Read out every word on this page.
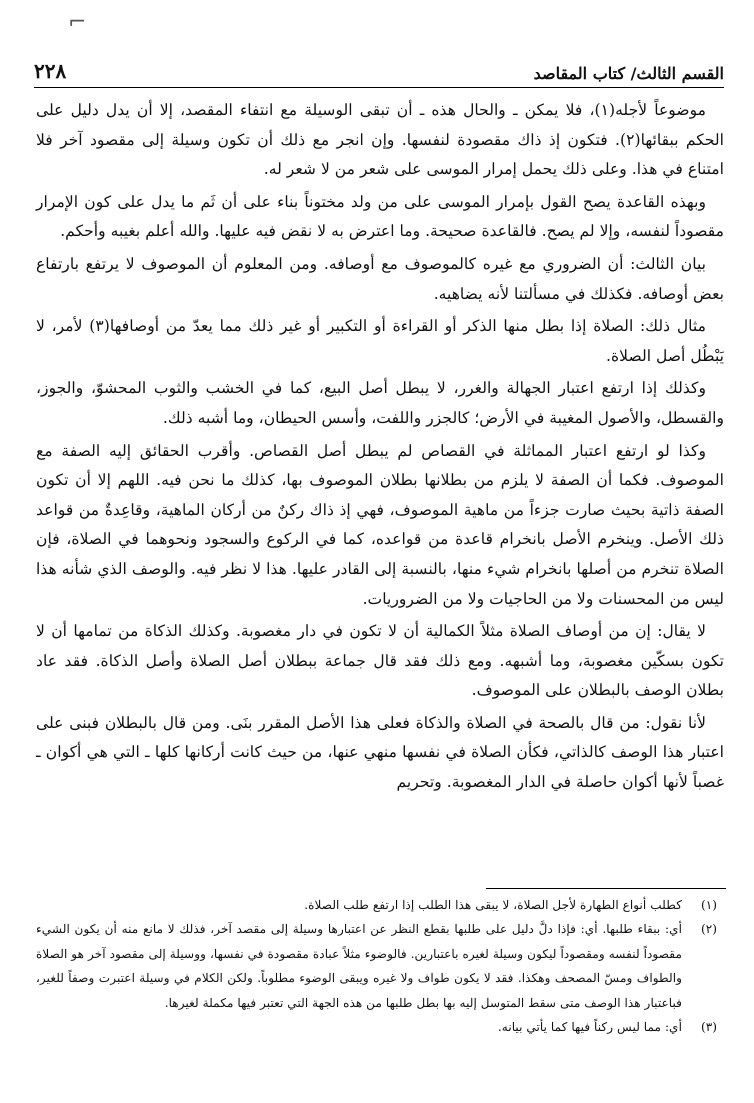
⌐
القسم الثالث/ كتاب المقاصد
٢٢٨

موضوعاً لأجله(١)، فلا يمكن ـ والحال هذه ـ أن تبقى الوسيلة مع انتفاء المقصد، إلا أن يدل دليل على الحكم ببقائها(٢). فتكون إذ ذاك مقصودة لنفسها. وإن انجر مع ذلك أن تكون وسيلة إلى مقصود آخر فلا امتناع في هذا. وعلى ذلك يحمل إمرار الموسى على شعر من لا شعر له.

وبهذه القاعدة يصح القول بإمرار الموسى على من ولد مختوناً بناء على أن ثَم ما يدل على كون الإمرار مقصوداً لنفسه، وإلا لم يصح. فالقاعدة صحيحة. وما اعترض به لا نقض فيه عليها. والله أعلم بغيبه وأحكم.

بيان الثالث: أن الضروري مع غيره كالموصوف مع أوصافه. ومن المعلوم أن الموصوف لا يرتفع بارتفاع بعض أوصافه. فكذلك في مسألتنا لأنه يضاهيه.

مثال ذلك: الصلاة إذا بطل منها الذكر أو القراءة أو التكبير أو غير ذلك مما يعدّ من أوصافها(٣) لأمر، لا يَبْطُل أصل الصلاة.

وكذلك إذا ارتفع اعتبار الجهالة والغرر، لا يبطل أصل البيع، كما في الخشب والثوب المحشوّ، والجوز، والقسطل، والأصول المغيبة في الأرض؛ كالجزر واللفت، وأسس الحيطان، وما أشبه ذلك.

وكذا لو ارتفع اعتبار المماثلة في القصاص لم يبطل أصل القصاص. وأقرب الحقائق إليه الصفة مع الموصوف. فكما أن الصفة لا يلزم من بطلانها بطلان الموصوف بها، كذلك ما نحن فيه. اللهم إلا أن تكون الصفة ذاتية بحيث صارت جزءاً من ماهية الموصوف، فهي إذ ذاك ركنٌ من أركان الماهية، وقاعِدةٌ من قواعد ذلك الأصل. وينخرم الأصل بانخرام قاعدة من قواعده، كما في الركوع والسجود ونحوهما في الصلاة، فإن الصلاة تنخرم من أصلها بانخرام شيء منها، بالنسبة إلى القادر عليها. هذا لا نظر فيه. والوصف الذي شأنه هذا ليس من المحسنات ولا من الحاجيات ولا من الضروريات.

لا يقال: إن من أوصاف الصلاة مثلاً الكمالية أن لا تكون في دار مغصوبة. وكذلك الذكاة من تمامها أن لا تكون بسكّين مغصوبة، وما أشبهه. ومع ذلك فقد قال جماعة ببطلان أصل الصلاة وأصل الذكاة. فقد عاد بطلان الوصف بالبطلان على الموصوف.

لأنا نقول: من قال بالصحة في الصلاة والذكاة فعلى هذا الأصل المقرر بنَى. ومن قال بالبطلان فبنى على اعتبار هذا الوصف كالذاتي، فكأن الصلاة في نفسها منهي عنها، من حيث كانت أركانها كلها ـ التي هي أكوان ـ غصباً لأنها أكوان حاصلة في الدار المغصوبة. وتحريم

(١)
كطلب أنواع الطهارة لأجل الصلاة، لا يبقى هذا الطلب إذا ارتفع طلب الصلاة.
(٢)
أي: ببقاء طلبها. أي: فإذا دلَّ دليل على طلبها بقطع النظر عن اعتبارها وسيلة إلى مقصد آخر، فذلك لا مانع منه أن يكون الشيء مقصوداً لنفسه ومقصوداً ليكون وسيلة لغيره باعتبارين. فالوضوء مثلاً عبادة مقصودة في نفسها، ووسيلة إلى مقصود آخر هو الصلاة والطواف ومسّ المصحف وهكذا. فقد لا يكون طواف ولا غيره ويبقى الوضوء مطلوباً. ولكن الكلام في وسيلة اعتبرت وصفاً للغير، فباعتبار هذا الوصف متى سقط المتوسل إليه بها بطل طلبها من هذه الجهة التي تعتبر فيها مكملة لغيرها.
(٣)
أي: مما ليس ركناً فيها كما يأتي بيانه.
